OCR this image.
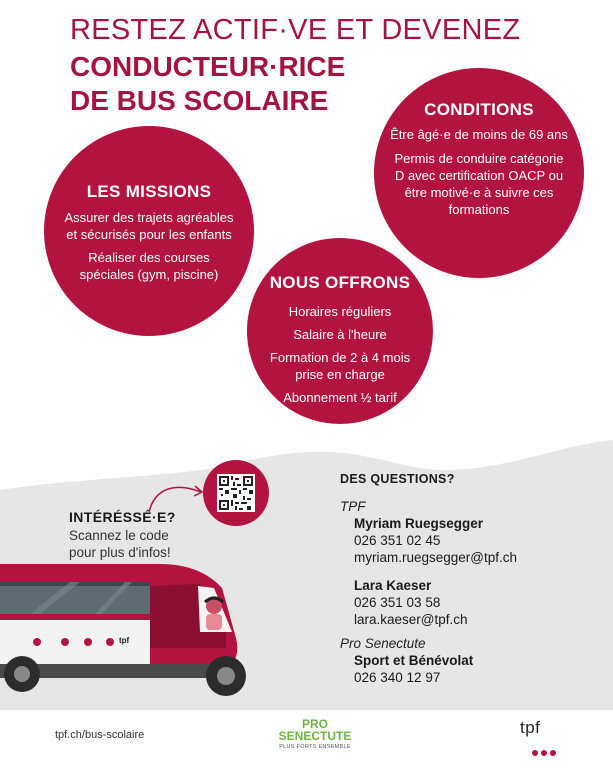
RESTEZ ACTIF·VE ET DEVENEZ
CONDUCTEUR·RICE
DE BUS SCOLAIRE	CONDITIONS

Être âgé·e de moins de 69 ans

Permis de conduire catégorie D avec certification OACP ou être motivé·e à suivre ces formations

LES MISSIONS

Assurer des trajets agréables et sécurisés pour les enfants

Réaliser des courses spéciales (gym, piscine)	NOUS OFFRONS

Horaires réguliers

Salaire à l'heure

Formation de 2 à 4 mois prise en charge

Abonnement ½ tarif

INTÉRÉSSÉ·E?
Scannez le code
pour plus d'infos!
tpf
DES QUESTIONS?
TPF
Myriam Ruegsegger
026 351 02 45
myriam.ruegsegger@tpf.ch
Lara Kaeser
026 351 03 58
lara.kaeser@tpf.ch
Pro Senectute
Sport et Bénévolat
026 340 12 97
tpf.ch/bus-scolaire
PRO
SENECTUTE
PLUS FORTS ENSEMBLE
tpf
